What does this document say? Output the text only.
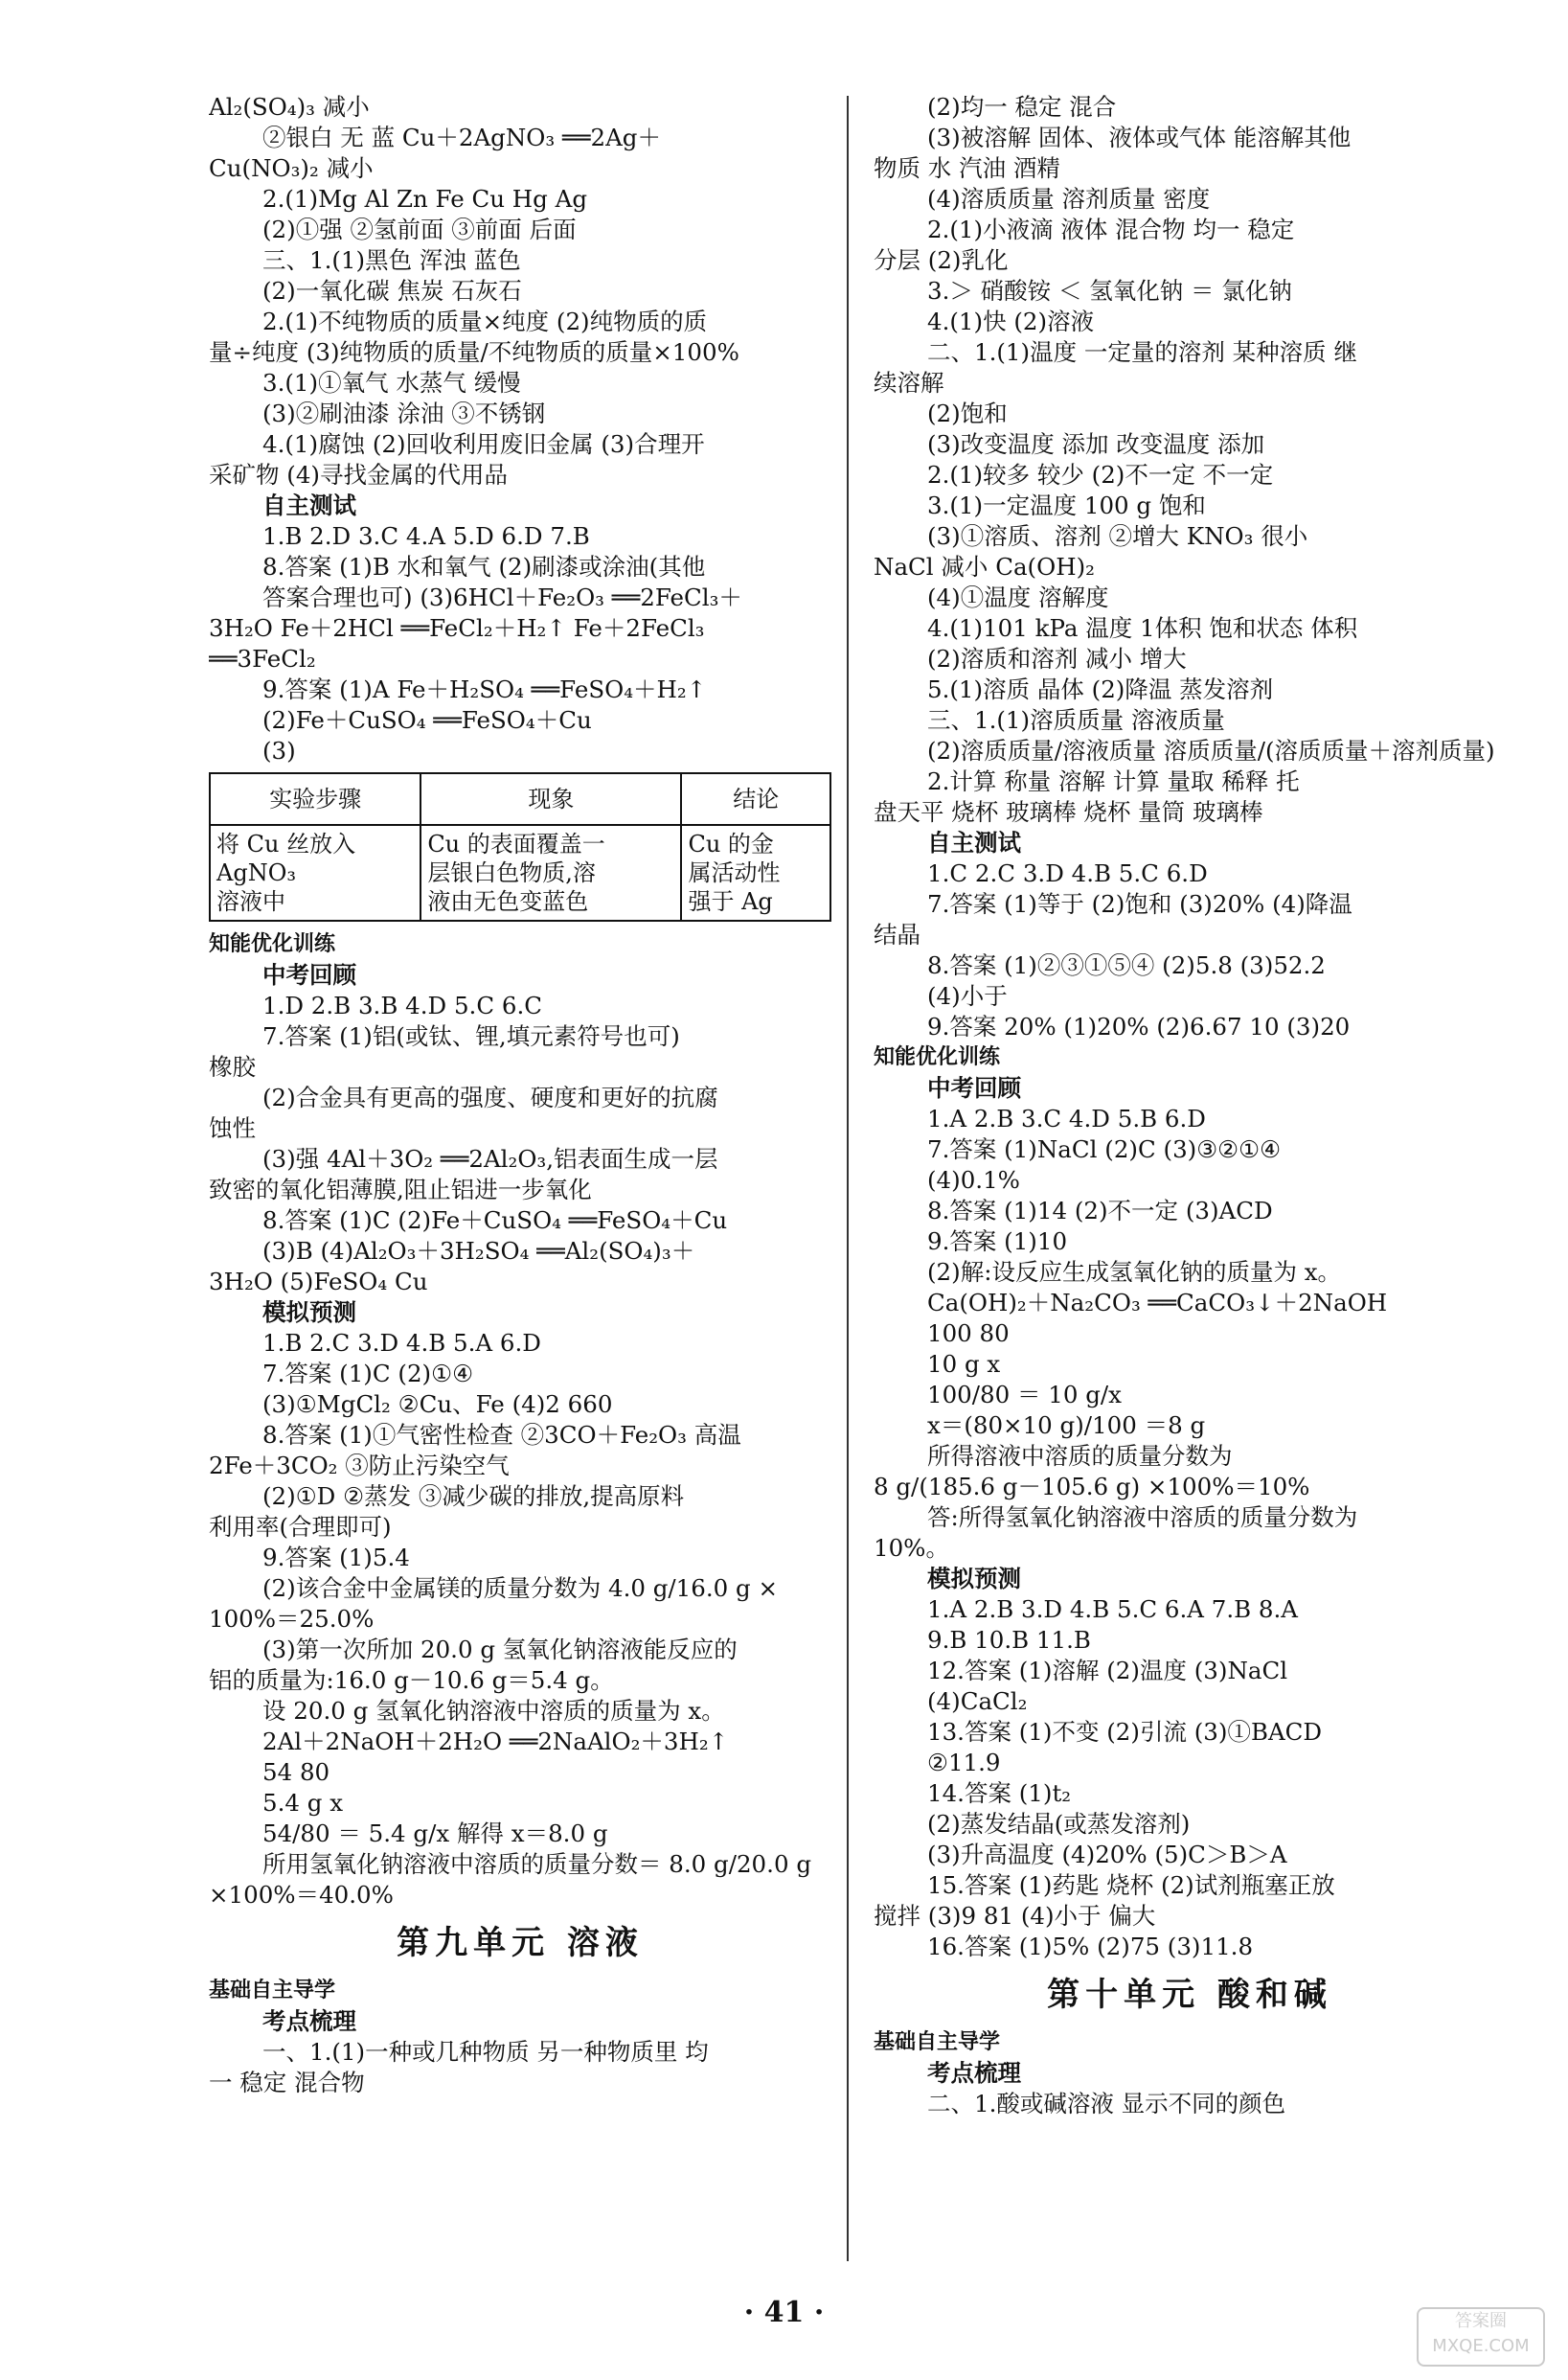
Al₂(SO₄)₃ 减小
②银白 无 蓝 Cu＋2AgNO₃ ══2Ag＋
Cu(NO₃)₂ 减小
2.(1)Mg Al Zn Fe Cu Hg Ag
(2)①强 ②氢前面 ③前面 后面
三、1.(1)黑色 浑浊 蓝色
(2)一氧化碳 焦炭 石灰石
2.(1)不纯物质的质量×纯度 (2)纯物质的质
量÷纯度 (3)纯物质的质量/不纯物质的质量×100%
3.(1)①氧气 水蒸气 缓慢
(3)②刷油漆 涂油 ③不锈钢
4.(1)腐蚀 (2)回收利用废旧金属 (3)合理开
采矿物 (4)寻找金属的代用品
自主测试
1.B 2.D 3.C 4.A 5.D 6.D 7.B
8.答案 (1)B 水和氧气 (2)刷漆或涂油(其他
答案合理也可) (3)6HCl＋Fe₂O₃ ══2FeCl₃＋
3H₂O Fe＋2HCl ══FeCl₂＋H₂↑ Fe＋2FeCl₃
══3FeCl₂
9.答案 (1)A Fe＋H₂SO₄ ══FeSO₄＋H₂↑
(2)Fe＋CuSO₄ ══FeSO₄＋Cu
(3)
实验步骤	现象	结论
将 Cu 丝放入 AgNO₃
溶液中	Cu 的表面覆盖一
层银白色物质,溶
液由无色变蓝色	Cu 的金
属活动性
强于 Ag
知能优化训练
中考回顾
1.D 2.B 3.B 4.D 5.C 6.C
7.答案 (1)铝(或钛、锂,填元素符号也可)
橡胶
(2)合金具有更高的强度、硬度和更好的抗腐
蚀性
(3)强 4Al＋3O₂ ══2Al₂O₃,铝表面生成一层
致密的氧化铝薄膜,阻止铝进一步氧化
8.答案 (1)C (2)Fe＋CuSO₄ ══FeSO₄＋Cu
(3)B (4)Al₂O₃＋3H₂SO₄ ══Al₂(SO₄)₃＋
3H₂O (5)FeSO₄ Cu
模拟预测
1.B 2.C 3.D 4.B 5.A 6.D
7.答案 (1)C (2)①④
(3)①MgCl₂ ②Cu、Fe (4)2 660
8.答案 (1)①气密性检查 ②3CO＋Fe₂O₃ 高温
2Fe＋3CO₂ ③防止污染空气
(2)①D ②蒸发 ③减少碳的排放,提高原料
利用率(合理即可)
9.答案 (1)5.4
(2)该合金中金属镁的质量分数为 4.0 g/16.0 g ×
100%＝25.0%
(3)第一次所加 20.0 g 氢氧化钠溶液能反应的
铝的质量为:16.0 g－10.6 g＝5.4 g。
设 20.0 g 氢氧化钠溶液中溶质的质量为 x。
2Al＋2NaOH＋2H₂O ══2NaAlO₂＋3H₂↑
54 80
5.4 g x
54/80 ＝ 5.4 g/x 解得 x＝8.0 g
所用氢氧化钠溶液中溶质的质量分数＝ 8.0 g/20.0 g
×100%＝40.0%
第九单元 溶液
基础自主导学
考点梳理
一、1.(1)一种或几种物质 另一种物质里 均
一 稳定 混合物
(2)均一 稳定 混合
(3)被溶解 固体、液体或气体 能溶解其他
物质 水 汽油 酒精
(4)溶质质量 溶剂质量 密度
2.(1)小液滴 液体 混合物 均一 稳定
分层 (2)乳化
3.＞ 硝酸铵 ＜ 氢氧化钠 ＝ 氯化钠
4.(1)快 (2)溶液
二、1.(1)温度 一定量的溶剂 某种溶质 继
续溶解
(2)饱和
(3)改变温度 添加 改变温度 添加
2.(1)较多 较少 (2)不一定 不一定
3.(1)一定温度 100 g 饱和
(3)①溶质、溶剂 ②增大 KNO₃ 很小
NaCl 减小 Ca(OH)₂
(4)①温度 溶解度
4.(1)101 kPa 温度 1体积 饱和状态 体积
(2)溶质和溶剂 减小 增大
5.(1)溶质 晶体 (2)降温 蒸发溶剂
三、1.(1)溶质质量 溶液质量
(2)溶质质量/溶液质量 溶质质量/(溶质质量＋溶剂质量)
2.计算 称量 溶解 计算 量取 稀释 托
盘天平 烧杯 玻璃棒 烧杯 量筒 玻璃棒
自主测试
1.C 2.C 3.D 4.B 5.C 6.D
7.答案 (1)等于 (2)饱和 (3)20% (4)降温
结晶
8.答案 (1)②③①⑤④ (2)5.8 (3)52.2
(4)小于
9.答案 20% (1)20% (2)6.67 10 (3)20
知能优化训练
中考回顾
1.A 2.B 3.C 4.D 5.B 6.D
7.答案 (1)NaCl (2)C (3)③②①④
(4)0.1%
8.答案 (1)14 (2)不一定 (3)ACD
9.答案 (1)10
(2)解:设反应生成氢氧化钠的质量为 x。
Ca(OH)₂＋Na₂CO₃ ══CaCO₃↓＋2NaOH
100 80
10 g x
100/80 ＝ 10 g/x
x＝(80×10 g)/100 ＝8 g
所得溶液中溶质的质量分数为
8 g/(185.6 g－105.6 g) ×100%＝10%
答:所得氢氧化钠溶液中溶质的质量分数为
10%。
模拟预测
1.A 2.B 3.D 4.B 5.C 6.A 7.B 8.A
9.B 10.B 11.B
12.答案 (1)溶解 (2)温度 (3)NaCl
(4)CaCl₂
13.答案 (1)不变 (2)引流 (3)①BACD
②11.9
14.答案 (1)t₂
(2)蒸发结晶(或蒸发溶剂)
(3)升高温度 (4)20% (5)C＞B＞A
15.答案 (1)药匙 烧杯 (2)试剂瓶塞正放
搅拌 (3)9 81 (4)小于 偏大
16.答案 (1)5% (2)75 (3)11.8
第十单元 酸和碱
基础自主导学
考点梳理
二、1.酸或碱溶液 显示不同的颜色
· 41 ·	答案圈
MXQE.COM
